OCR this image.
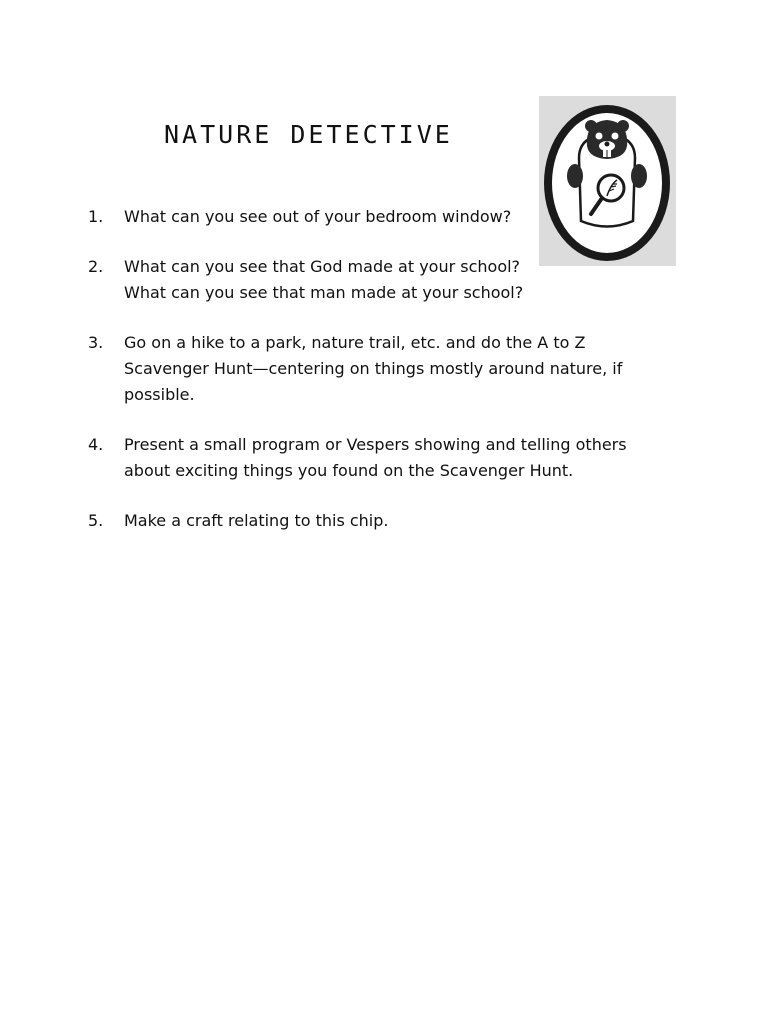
NATURE DETECTIVE
1.	What can you see out of your bedroom window?
2.	What can you see that God made at your school?
What can you see that man made at your school?
3.	Go on a hike to a park, nature trail, etc. and do the A to Z
Scavenger Hunt—centering on things mostly around nature, if
possible.
4.	Present a small program or Vespers showing and telling others
about exciting things you found on the Scavenger Hunt.
5.	Make a craft relating to this chip.
